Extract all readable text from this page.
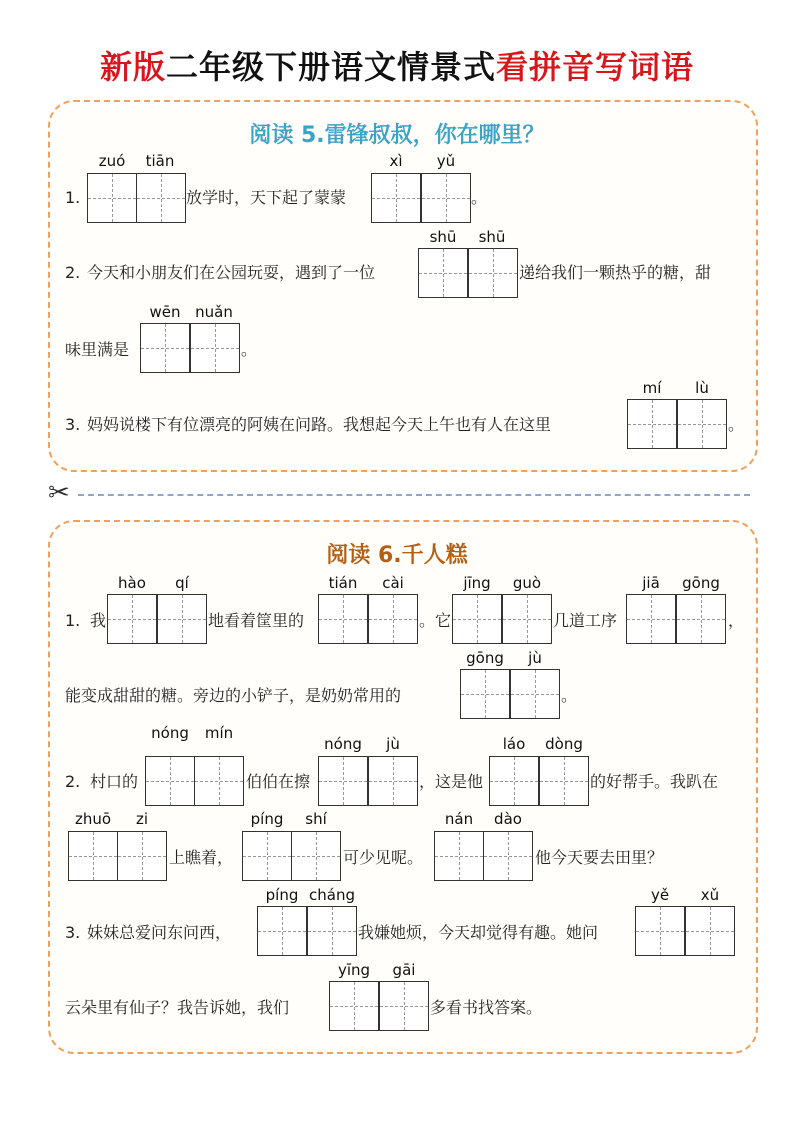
新版二年级下册语文情景式看拼音写词语
阅读 5.雷锋叔叔，你在哪里？
1.
zuó tiān
放学时，天下起了蒙蒙
xì yǔ
。
2. 今天和小朋友们在公园玩耍，遇到了一位
shū shū
递给我们一颗热乎的糖，甜
味里满是
wēn nuǎn
。
3. 妈妈说楼下有位漂亮的阿姨在问路。我想起今天上午也有人在这里
mí lù
。
✂
阅读 6.千人糕
1. 我
hào qí
地看着筐里的
tián cài
。它
jīng guò
几道工序
jiā gōng
，
能变成甜甜的糖。旁边的小铲子，是奶奶常用的
gōng jù
。
2. 村口的
nóng mín
伯伯在擦
nóng jù
，这是他
láo dòng
的好帮手。我趴在
zhuō zi
上瞧着，
píng shí
可少见呢。
nán dào
他今天要去田里？
3. 妹妹总爱问东问西，
píng cháng
我嫌她烦，今天却觉得有趣。她问
yě xǔ
云朵里有仙子？我告诉她，我们
yīng gāi
多看书找答案。
